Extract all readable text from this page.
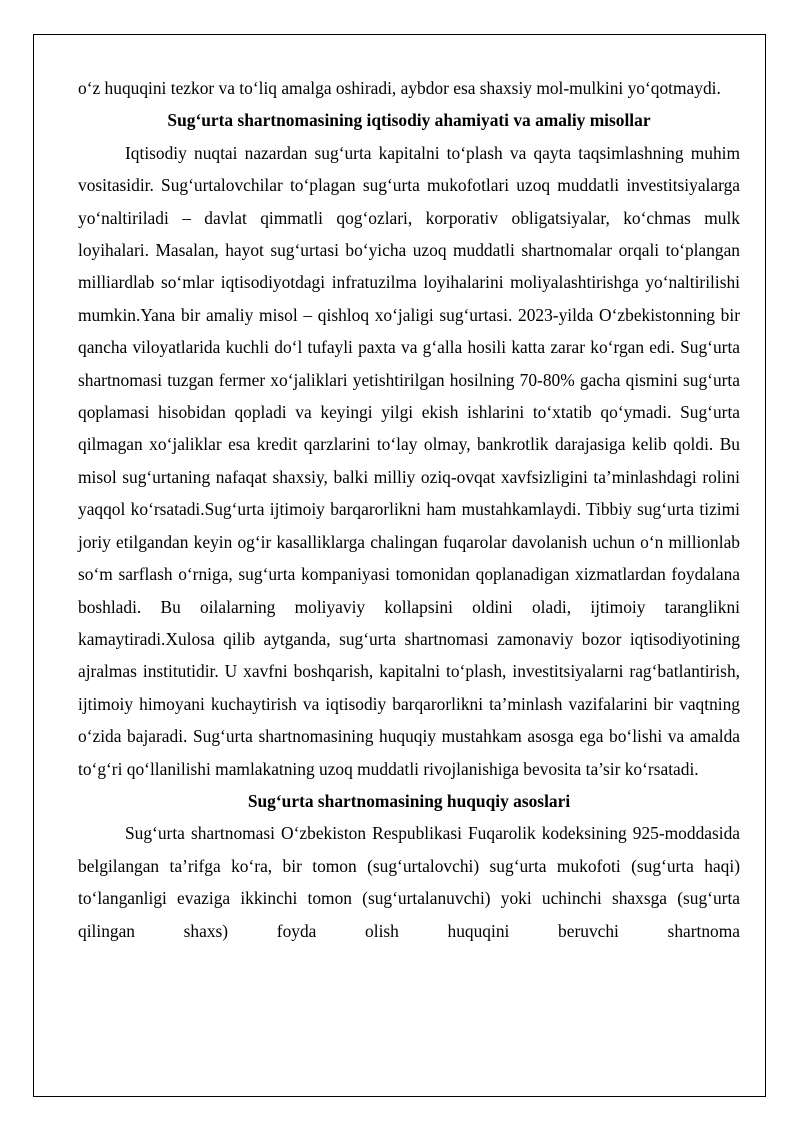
o‘z huquqini tezkor va to‘liq amalga oshiradi, aybdor esa shaxsiy mol-mulkini yo‘qotmaydi.

Sug‘urta shartnomasining iqtisodiy ahamiyati va amaliy misollar

Iqtisodiy nuqtai nazardan sug‘urta kapitalni to‘plash va qayta taqsimlashning muhim vositasidir. Sug‘urtalovchilar to‘plagan sug‘urta mukofotlari uzoq muddatli investitsiyalarga yo‘naltiriladi – davlat qimmatli qog‘ozlari, korporativ obligatsiyalar, ko‘chmas mulk loyihalari. Masalan, hayot sug‘urtasi bo‘yicha uzoq muddatli shartnomalar orqali to‘plangan milliardlab so‘mlar iqtisodiyotdagi infratuzilma loyihalarini moliyalashtirishga yo‘naltirilishi mumkin.Yana bir amaliy misol – qishloq xo‘jaligi sug‘urtasi. 2023-yilda O‘zbekistonning bir qancha viloyatlarida kuchli do‘l tufayli paxta va g‘alla hosili katta zarar ko‘rgan edi. Sug‘urta shartnomasi tuzgan fermer xo‘jaliklari yetishtirilgan hosilning 70-80% gacha qismini sug‘urta qoplamasi hisobidan qopladi va keyingi yilgi ekish ishlarini to‘xtatib qo‘ymadi. Sug‘urta qilmagan xo‘jaliklar esa kredit qarzlarini to‘lay olmay, bankrotlik darajasiga kelib qoldi. Bu misol sug‘urtaning nafaqat shaxsiy, balki milliy oziq-ovqat xavfsizligini ta’minlashdagi rolini yaqqol ko‘rsatadi.Sug‘urta ijtimoiy barqarorlikni ham mustahkamlaydi. Tibbiy sug‘urta tizimi joriy etilgandan keyin og‘ir kasalliklarga chalingan fuqarolar davolanish uchun o‘n millionlab so‘m sarflash o‘rniga, sug‘urta kompaniyasi tomonidan qoplanadigan xizmatlardan foydalana boshladi. Bu oilalarning moliyaviy kollapsini oldini oladi, ijtimoiy taranglikni kamaytiradi.Xulosa qilib aytganda, sug‘urta shartnomasi zamonaviy bozor iqtisodiyotining ajralmas institutidir. U xavfni boshqarish, kapitalni to‘plash, investitsiyalarni rag‘batlantirish, ijtimoiy himoyani kuchaytirish va iqtisodiy barqarorlikni ta’minlash vazifalarini bir vaqtning o‘zida bajaradi. Sug‘urta shartnomasining huquqiy mustahkam asosga ega bo‘lishi va amalda to‘g‘ri qo‘llanilishi mamlakatning uzoq muddatli rivojlanishiga bevosita ta’sir ko‘rsatadi.

Sug‘urta shartnomasining huquqiy asoslari

Sug‘urta shartnomasi O‘zbekiston Respublikasi Fuqarolik kodeksining 925-moddasida belgilangan ta’rifga ko‘ra, bir tomon (sug‘urtalovchi) sug‘urta mukofoti (sug‘urta haqi) to‘langanligi evaziga ikkinchi tomon (sug‘urtalanuvchi) yoki uchinchi shaxsga (sug‘urta qilingan shaxs) foyda olish huquqini beruvchi shartnoma
